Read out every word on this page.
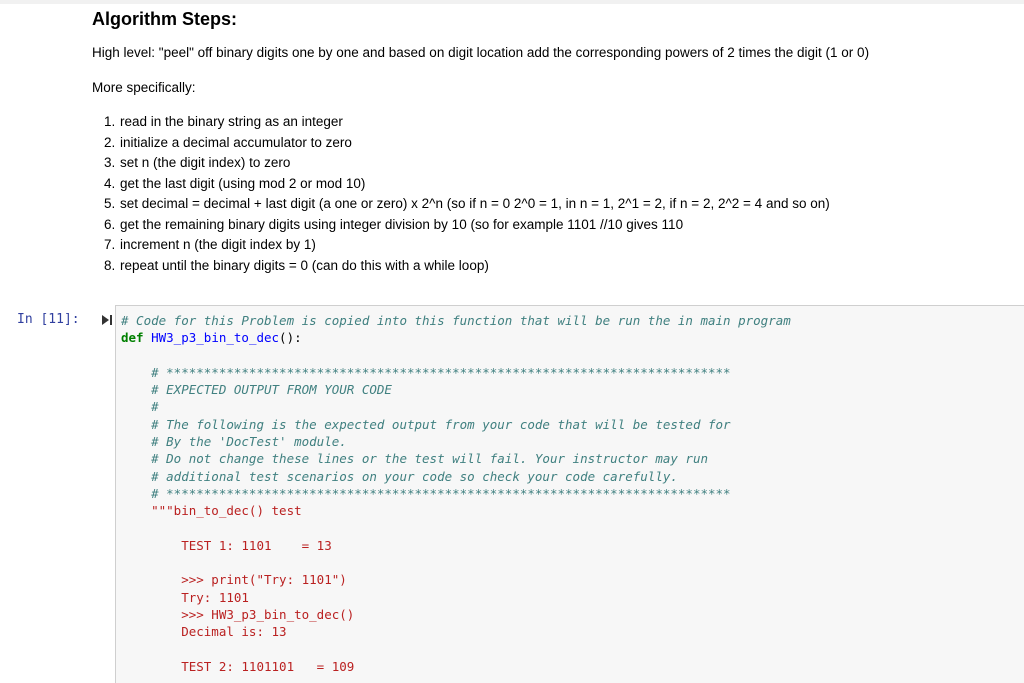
Algorithm Steps:

High level: "peel" off binary digits one by one and based on digit location add the corresponding powers of 2 times the digit (1 or 0)

More specifically:

1. read in the binary string as an integer
2. initialize a decimal accumulator to zero
3. set n (the digit index) to zero
4. get the last digit (using mod 2 or mod 10)
5. set decimal = decimal + last digit (a one or zero) x 2^n (so if n = 0 2^0 = 1, in n = 1, 2^1 = 2, if n = 2, 2^2 = 4 and so on)
6. get the remaining binary digits using integer division by 10 (so for example 1101 //10 gives 110
7. increment n (the digit index by 1)
8. repeat until the binary digits = 0 (can do this with a while loop)
In [11]:	# Code for this Problem is copied into this function that will be run the in main program
def HW3_p3_bin_to_dec():
# ***************************************************************************
# EXPECTED OUTPUT FROM YOUR CODE
#
# The following is the expected output from your code that will be tested for
# By the 'DocTest' module.
# Do not change these lines or the test will fail. Your instructor may run
# additional test scenarios on your code so check your code carefully.
# ***************************************************************************
"""bin_to_dec() test
TEST 1: 1101    = 13
>>> print("Try: 1101")
Try: 1101
>>> HW3_p3_bin_to_dec()
Decimal is: 13
TEST 2: 1101101   = 109
